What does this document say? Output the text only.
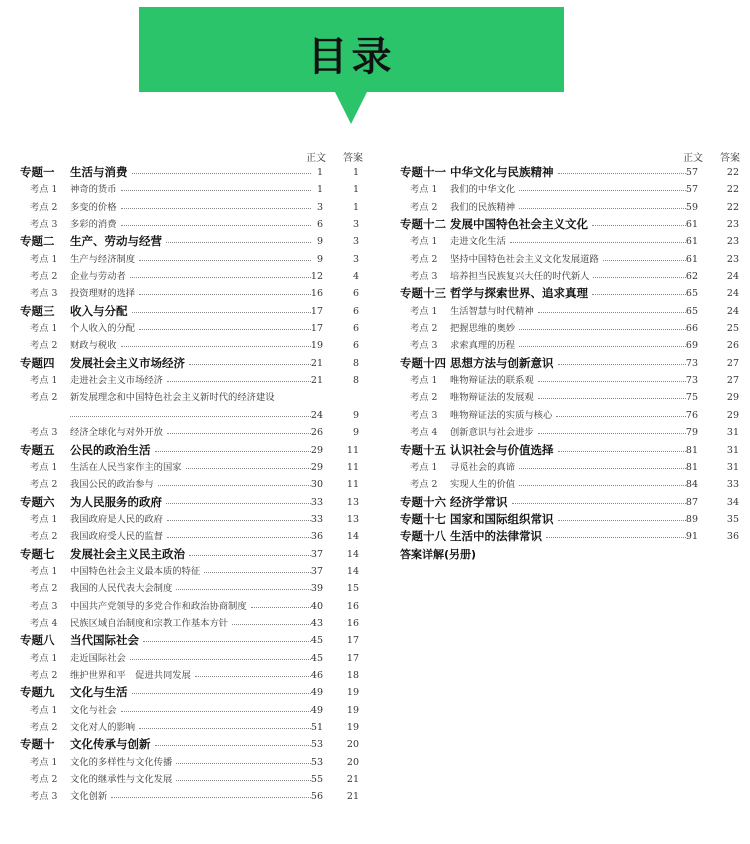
目录
正文 答案
专题一 生活与消费	1	1
考点 1 神奇的货币	1	1
考点 2 多变的价格	3	1
考点 3 多彩的消费	6	3
专题二 生产、劳动与经营	9	3
考点 1 生产与经济制度	9	3
考点 2 企业与劳动者	12	4
考点 3 投资理财的选择	16	6
专题三 收入与分配	17	6
考点 1 个人收入的分配	17	6
考点 2 财政与税收	19	6
专题四 发展社会主义市场经济	21	8
考点 1 走进社会主义市场经济	21	8
考点 2 新发展理念和中国特色社会主义新时代的经济建设
24	9
考点 3 经济全球化与对外开放	26	9
专题五 公民的政治生活	29	11
考点 1 生活在人民当家作主的国家	29	11
考点 2 我国公民的政治参与	30	11
专题六 为人民服务的政府	33	13
考点 1 我国政府是人民的政府	33	13
考点 2 我国政府受人民的监督	36	14
专题七 发展社会主义民主政治	37	14
考点 1 中国特色社会主义最本质的特征	37	14
考点 2 我国的人民代表大会制度	39	15
考点 3 中国共产党领导的多党合作和政治协商制度	40	16
考点 4 民族区域自治制度和宗教工作基本方针	43	16
专题八 当代国际社会	45	17
考点 1 走近国际社会	45	17
考点 2 维护世界和平　促进共同发展	46	18
专题九 文化与生活	49	19
考点 1 文化与社会	49	19
考点 2 文化对人的影响	51	19
专题十 文化传承与创新	53	20
考点 1 文化的多样性与文化传播	53	20
考点 2 文化的继承性与文化发展	55	21
考点 3 文化创新	56	21
正文 答案
专题十一 中华文化与民族精神	57	22
考点 1 我们的中华文化	57	22
考点 2 我们的民族精神	59	22
专题十二 发展中国特色社会主义文化	61	23
考点 1 走进文化生活	61	23
考点 2 坚持中国特色社会主义文化发展道路	61	23
考点 3 培养担当民族复兴大任的时代新人	62	24
专题十三 哲学与探索世界、追求真理	65	24
考点 1 生活智慧与时代精神	65	24
考点 2 把握思维的奥妙	66	25
考点 3 求索真理的历程	69	26
专题十四 思想方法与创新意识	73	27
考点 1 唯物辩证法的联系观	73	27
考点 2 唯物辩证法的发展观	75	29
考点 3 唯物辩证法的实质与核心	76	29
考点 4 创新意识与社会进步	79	31
专题十五 认识社会与价值选择	81	31
考点 1 寻觅社会的真谛	81	31
考点 2 实现人生的价值	84	33
专题十六 经济学常识	87	34
专题十七 国家和国际组织常识	89	35
专题十八 生活中的法律常识	91	36
答案详解(另册)
